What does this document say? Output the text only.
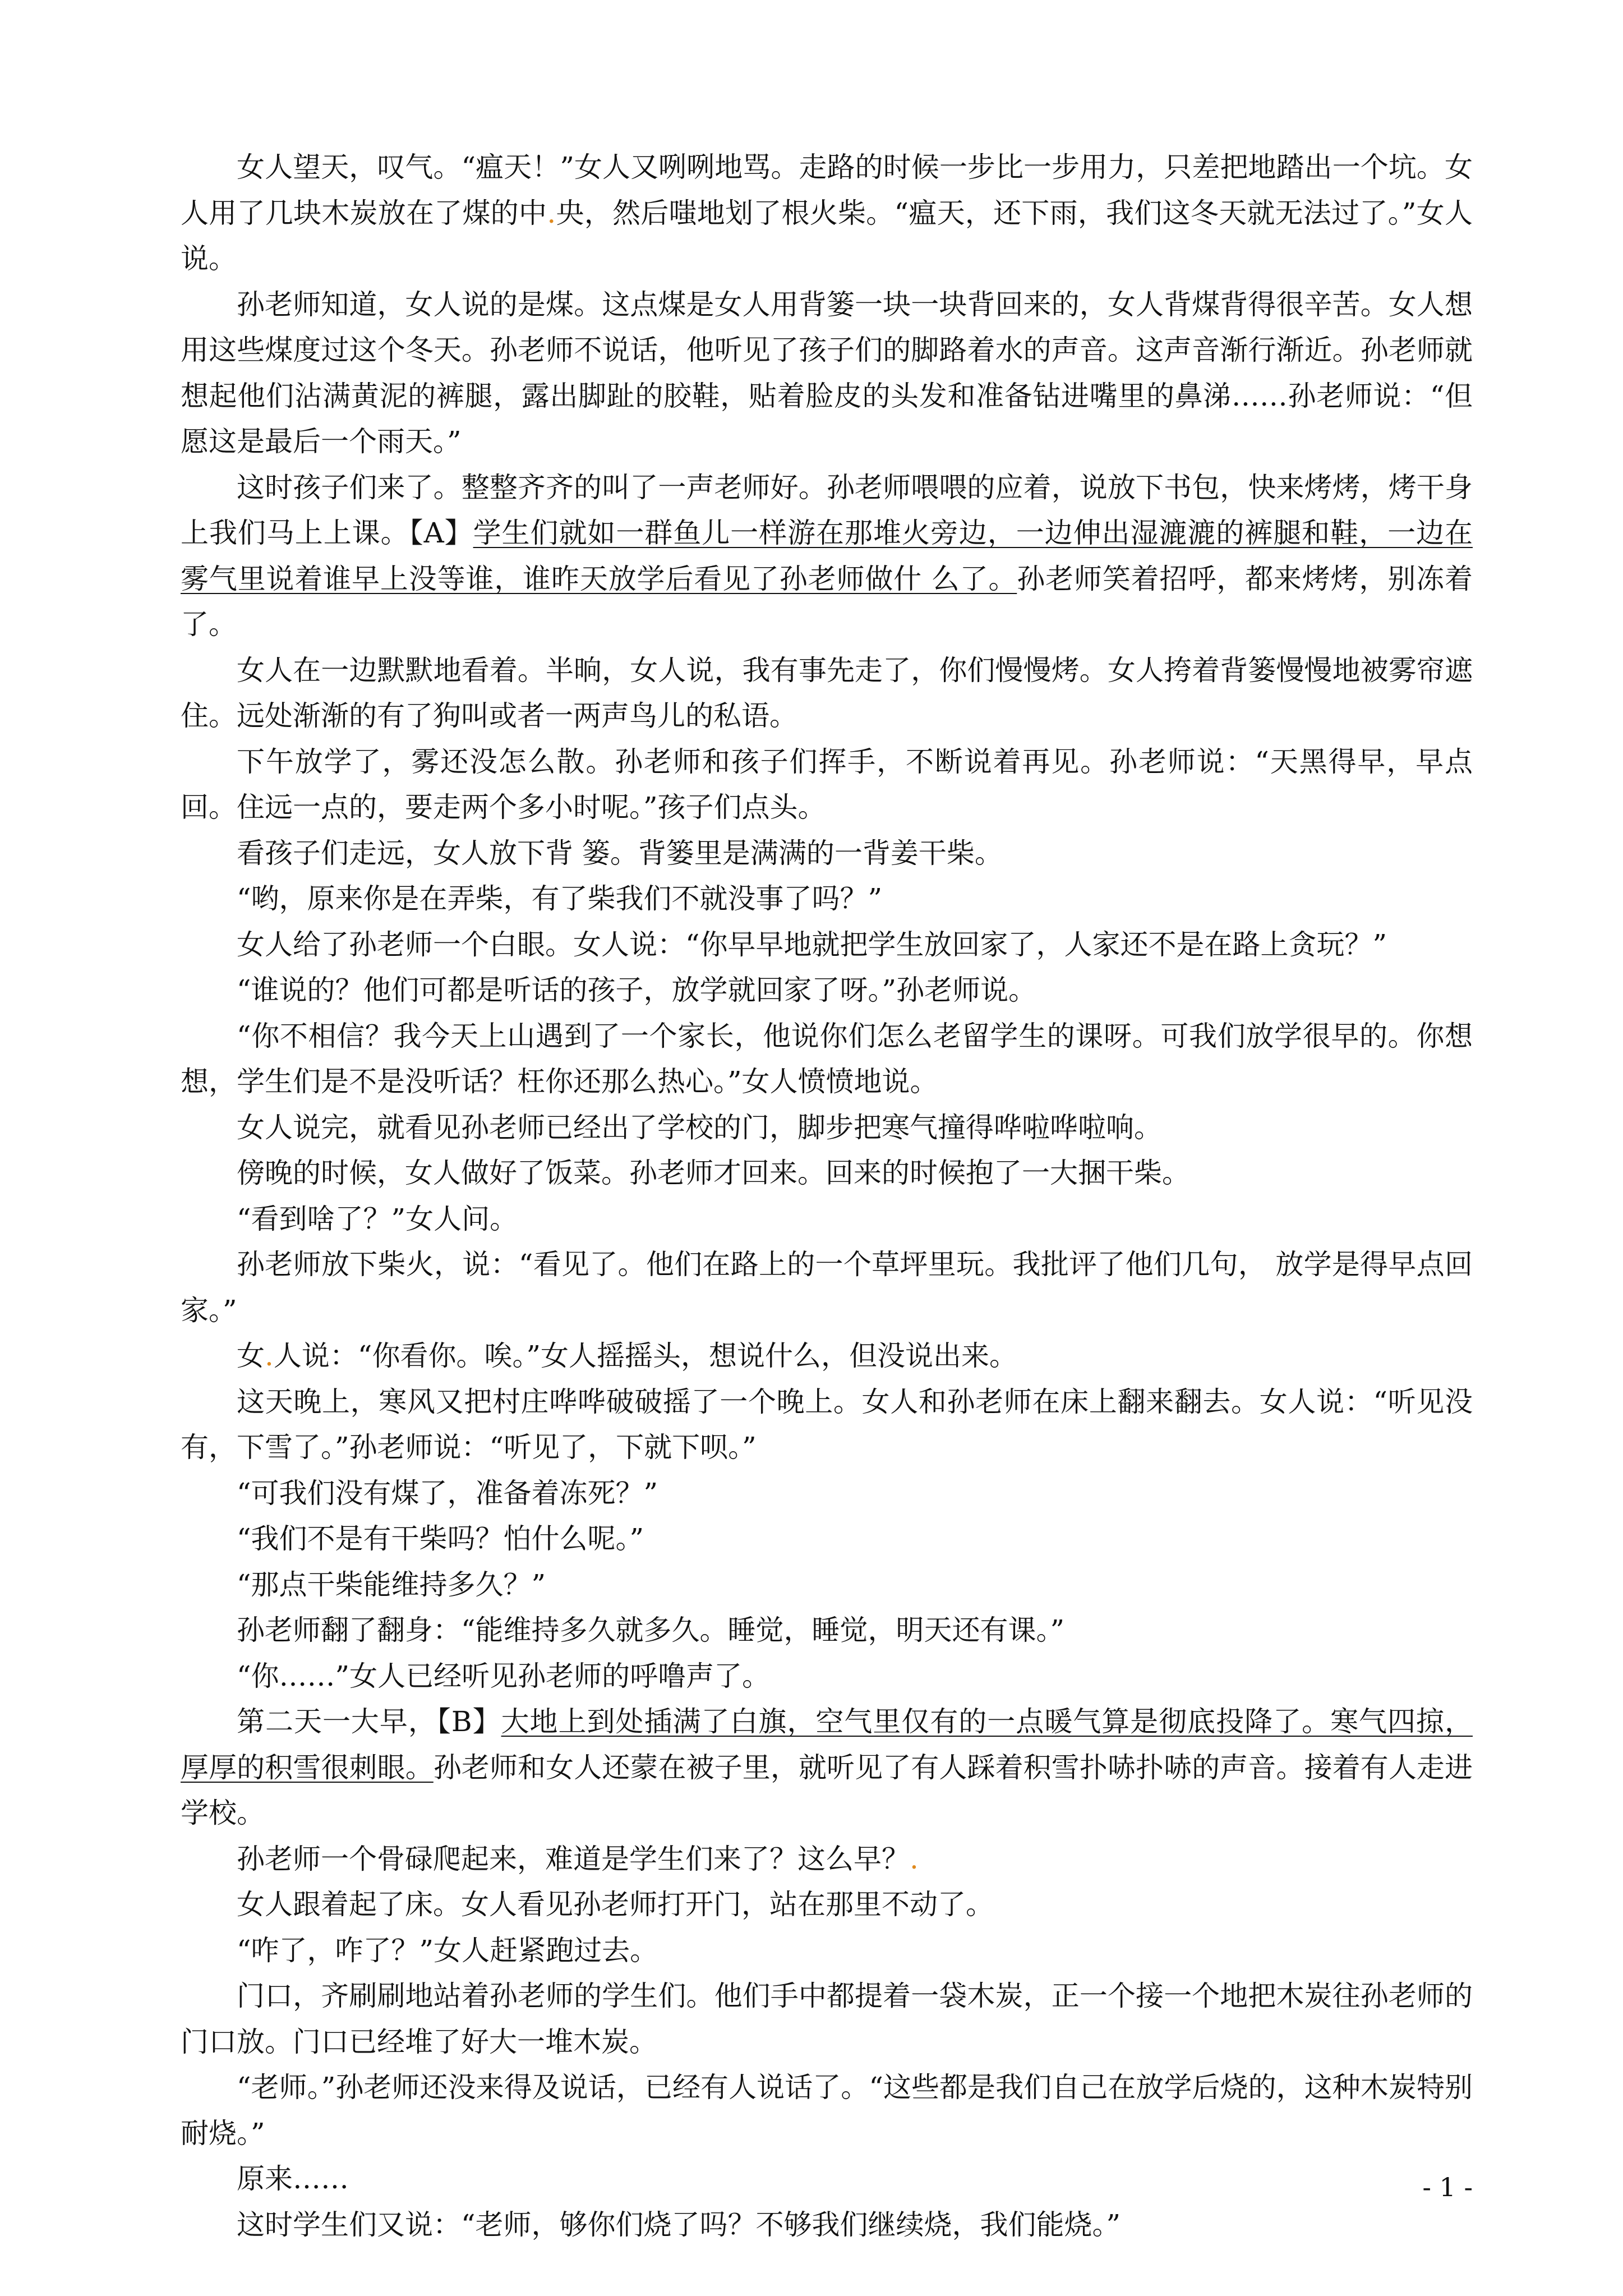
女人望天，叹气。“瘟天！”女人又咧咧地骂。走路的时候一步比一步用力，只差把地踏出一个坑。女人用了几块木炭放在了煤的中.央，然后嗤地划了根火柴。“瘟天，还下雨，我们这冬天就无法过了。”女人说。

孙老师知道，女人说的是煤。这点煤是女人用背篓一块一块背回来的，女人背煤背得很辛苦。女人想用这些煤度过这个冬天。孙老师不说话，他听见了孩子们的脚路着水的声音。这声音渐行渐近。孙老师就想起他们沾满黄泥的裤腿，露出脚趾的胶鞋，贴着脸皮的头发和准备钻进嘴里的鼻涕……孙老师说：“但愿这是最后一个雨天。”

这时孩子们来了。整整齐齐的叫了一声老师好。孙老师喂喂的应着，说放下书包，快来烤烤，烤干身上我们马上上课。【A】学生们就如一群鱼儿一样游在那堆火旁边，一边伸出湿漉漉的裤腿和鞋，一边在雾气里说着谁早上没等谁，谁昨天放学后看见了孙老师做什 么了。孙老师笑着招呼，都来烤烤，别冻着了。

女人在一边默默地看着。半晌，女人说，我有事先走了，你们慢慢烤。女人挎着背篓慢慢地被雾帘遮住。远处渐渐的有了狗叫或者一两声鸟儿的私语。

下午放学了，雾还没怎么散。孙老师和孩子们挥手，不断说着再见。孙老师说：“天黑得早，早点回。住远一点的，要走两个多小时呢。”孩子们点头。

看孩子们走远，女人放下背 篓。背篓里是满满的一背姜干柴。

“哟，原来你是在弄柴，有了柴我们不就没事了吗？”

女人给了孙老师一个白眼。女人说：“你早早地就把学生放回家了，人家还不是在路上贪玩？”

“谁说的？他们可都是听话的孩子，放学就回家了呀。”孙老师说。

“你不相信？我今天上山遇到了一个家长，他说你们怎么老留学生的课呀。可我们放学很早的。你想想，学生们是不是没听话？枉你还那么热心。”女人愤愤地说。

女人说完，就看见孙老师已经出了学校的门，脚步把寒气撞得哗啦哗啦响。

傍晚的时候，女人做好了饭菜。孙老师才回来。回来的时候抱了一大捆干柴。

“看到啥了？”女人问。

孙老师放下柴火，说：“看见了。他们在路上的一个草坪里玩。我批评了他们几句， 放学是得早点回家。”

女.人说：“你看你。唉。”女人摇摇头，想说什么，但没说出来。

这天晚上，寒风又把村庄哗哗破破摇了一个晚上。女人和孙老师在床上翻来翻去。女人说：“听见没有，下雪了。”孙老师说：“听见了，下就下呗。”

“可我们没有煤了，准备着冻死？”

“我们不是有干柴吗？怕什么呢。”

“那点干柴能维持多久？”

孙老师翻了翻身：“能维持多久就多久。睡觉，睡觉，明天还有课。”

“你……”女人已经听见孙老师的呼噜声了。

第二天一大早，【B】大地上到处插满了白旗，空气里仅有的一点暖气算是彻底投降了。寒气四掠，厚厚的积雪很刺眼。孙老师和女人还蒙在被子里，就听见了有人踩着积雪扑哧扑哧的声音。接着有人走进学校。

孙老师一个骨碌爬起来，难道是学生们来了？这么早？.

女人跟着起了床。女人看见孙老师打开门，站在那里不动了。

“咋了，咋了？”女人赶紧跑过去。

门口，齐刷刷地站着孙老师的学生们。他们手中都提着一袋木炭，正一个接一个地把木炭往孙老师的门口放。门口已经堆了好大一堆木炭。

“老师。”孙老师还没来得及说话，已经有人说话了。“这些都是我们自己在放学后烧的，这种木炭特别耐烧。”

原来……

这时学生们又说：“老师，够你们烧了吗？不够我们继续烧，我们能烧。”

- 1 -
